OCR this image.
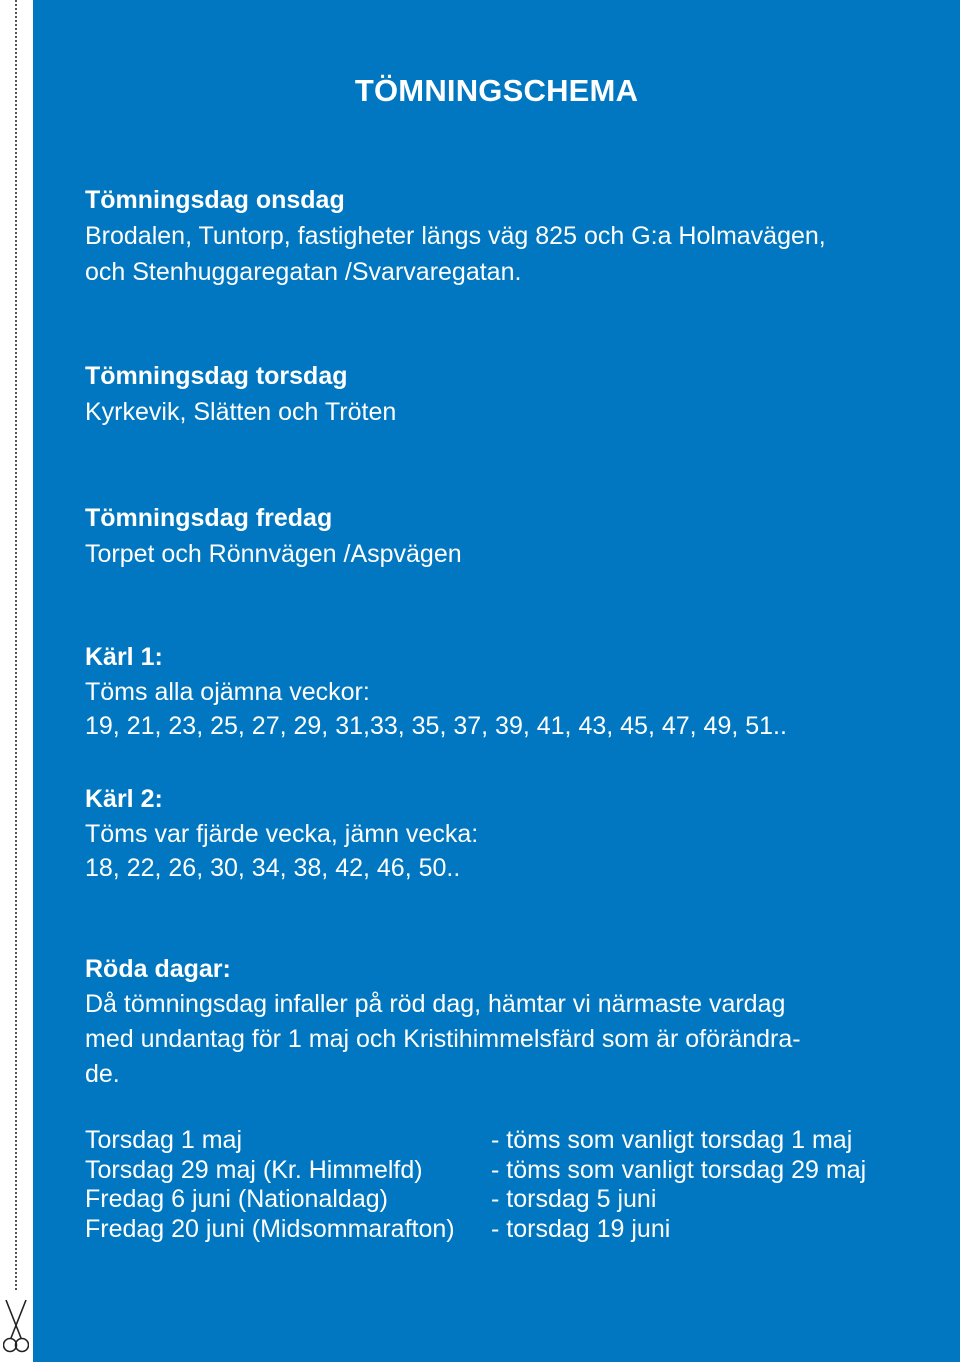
TÖMNINGSCHEMA
Tömningsdag onsdag
Brodalen, Tuntorp, fastigheter längs väg 825 och G:a Holmavägen,
och Stenhuggaregatan /Svarvaregatan.
Tömningsdag torsdag
Kyrkevik, Slätten och Tröten
Tömningsdag fredag
Torpet och Rönnvägen /Aspvägen
Kärl 1:
Töms alla ojämna veckor:
19, 21, 23, 25, 27, 29, 31,33, 35, 37, 39, 41, 43, 45, 47, 49, 51..
Kärl 2:
Töms var fjärde vecka, jämn vecka:
18, 22, 26, 30, 34, 38, 42, 46, 50..
Röda dagar:
Då tömningsdag infaller på röd dag, hämtar vi närmaste vardag
med undantag för 1 maj och Kristihimmelsfärd som är oförändra-
de.
Torsdag 1 maj	- töms som vanligt torsdag 1 maj
Torsdag 29 maj (Kr. Himmelfd)	- töms som vanligt torsdag 29 maj
Fredag 6 juni (Nationaldag)	- torsdag 5 juni
Fredag 20 juni (Midsommarafton)	- torsdag 19 juni
